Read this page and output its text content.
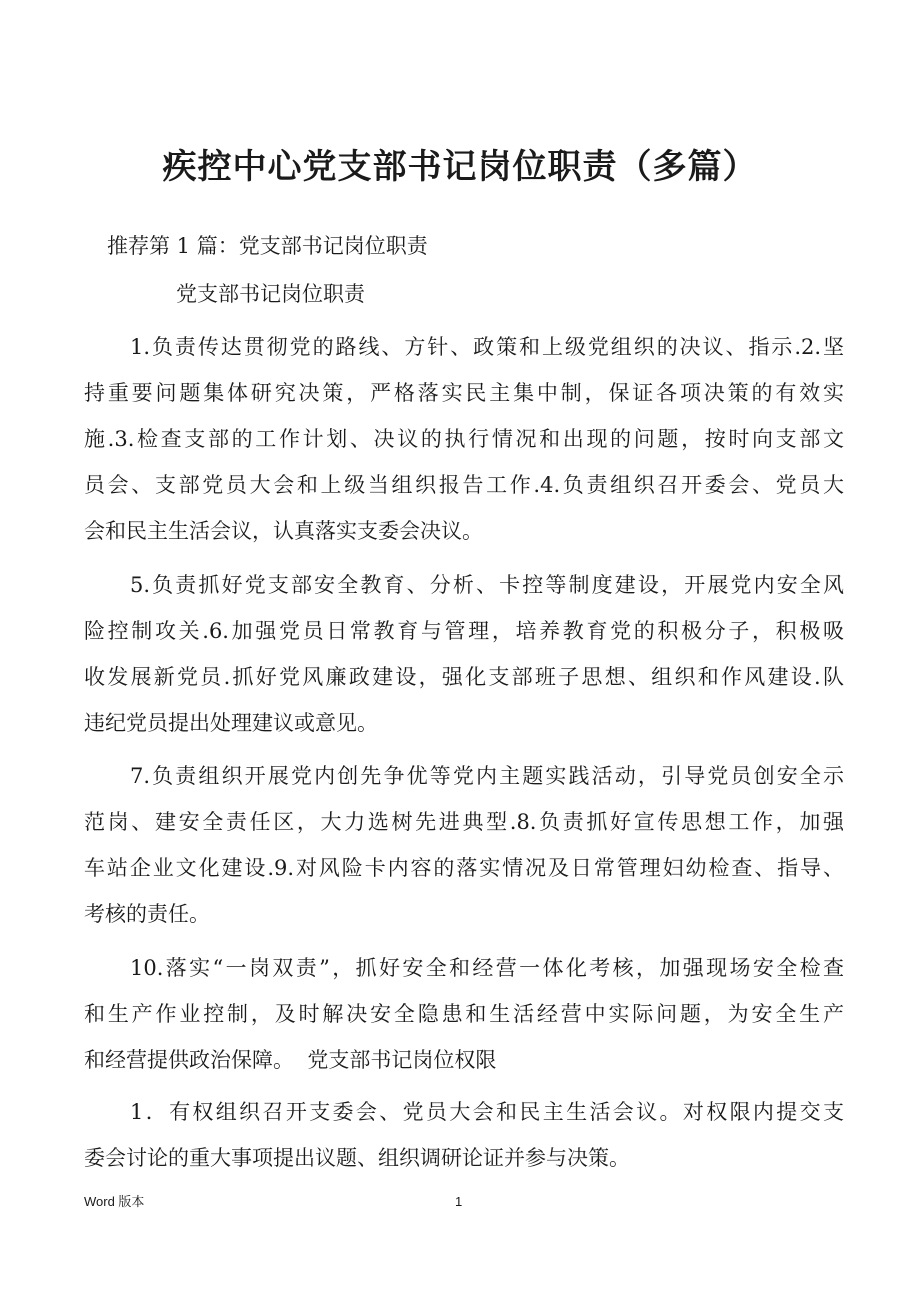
疾控中心党支部书记岗位职责（多篇）
推荐第 1 篇：党支部书记岗位职责
党支部书记岗位职责
1.负责传达贯彻党的路线、方针、政策和上级党组织的决议、指示.2.坚
持重要问题集体研究决策，严格落实民主集中制，保证各项决策的有效实
施.3.检查支部的工作计划、决议的执行情况和出现的问题，按时向支部文
员会、支部党员大会和上级当组织报告工作.4.负责组织召开委会、党员大
会和民主生活会议，认真落实支委会决议。
5.负责抓好党支部安全教育、分析、卡控等制度建设，开展党内安全风
险控制攻关.6.加强党员日常教育与管理，培养教育党的积极分子，积极吸
收发展新党员.抓好党风廉政建设，强化支部班子思想、组织和作风建设.队
违纪党员提出处理建议或意见。
7.负责组织开展党内创先争优等党内主题实践活动，引导党员创安全示
范岗、建安全责任区，大力选树先进典型.8.负责抓好宣传思想工作，加强
车站企业文化建设.9.对风险卡内容的落实情况及日常管理妇幼检查、指导、
考核的责任。
10.落实“一岗双责”，抓好安全和经营一体化考核，加强现场安全检查
和生产作业控制，及时解决安全隐患和生活经营中实际问题，为安全生产
和经营提供政治保障。  党支部书记岗位权限
1．有权组织召开支委会、党员大会和民主生活会议。对权限内提交支
委会讨论的重大事项提出议题、组织调研论证并参与决策。
Word 版本	1
